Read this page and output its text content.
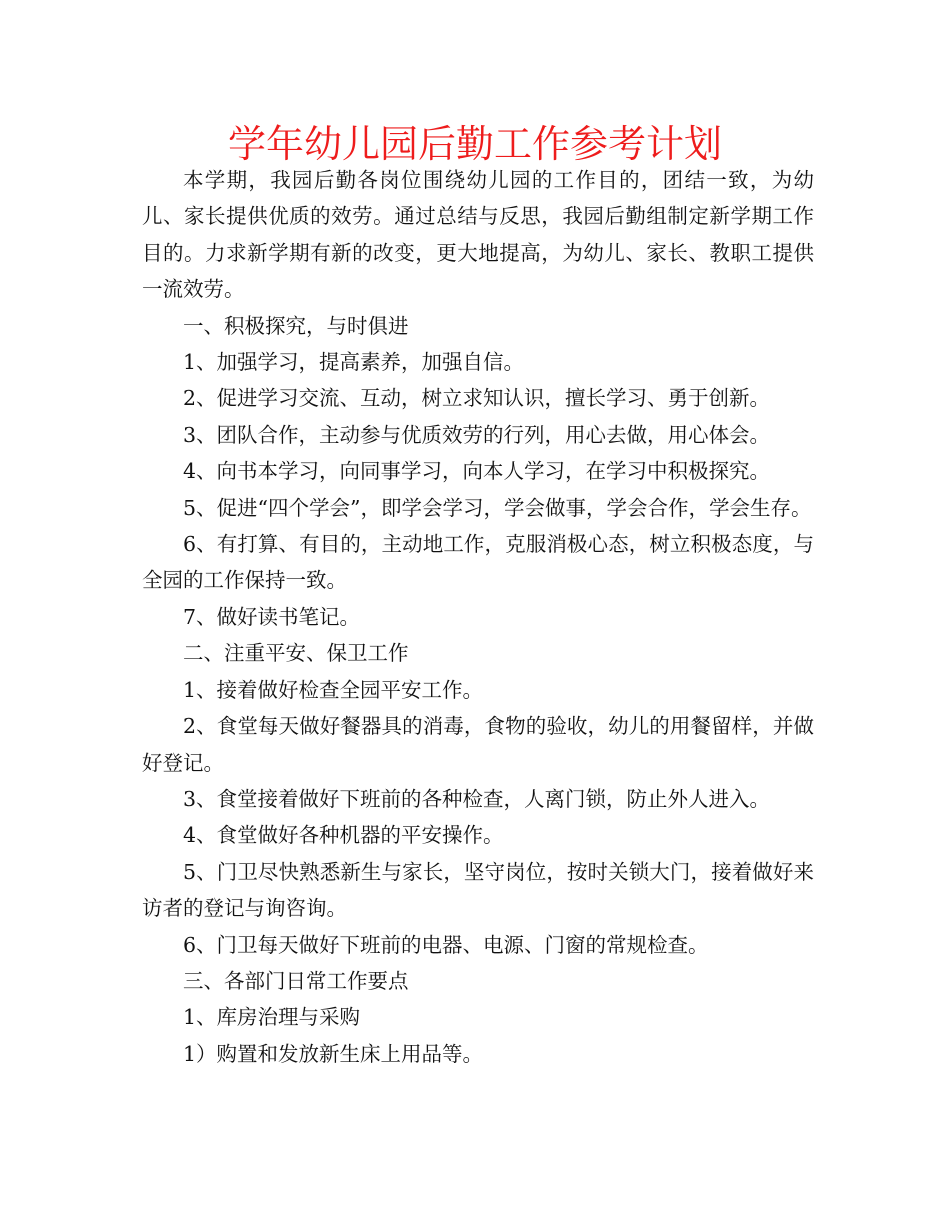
学年幼儿园后勤工作参考计划

本学期，我园后勤各岗位围绕幼儿园的工作目的，团结一致，为幼儿、家长提供优质的效劳。通过总结与反思，我园后勤组制定新学期工作目的。力求新学期有新的改变，更大地提高，为幼儿、家长、教职工提供一流效劳。

一、积极探究，与时俱进

1、加强学习，提高素养，加强自信。

2、促进学习交流、互动，树立求知认识，擅长学习、勇于创新。

3、团队合作，主动参与优质效劳的行列，用心去做，用心体会。

4、向书本学习，向同事学习，向本人学习，在学习中积极探究。

5、促进“四个学会”，即学会学习，学会做事，学会合作，学会生存。

6、有打算、有目的，主动地工作，克服消极心态，树立积极态度，与全园的工作保持一致。

7、做好读书笔记。

二、注重平安、保卫工作

1、接着做好检查全园平安工作。

2、食堂每天做好餐器具的消毒，食物的验收，幼儿的用餐留样，并做好登记。

3、食堂接着做好下班前的各种检查，人离门锁，防止外人进入。

4、食堂做好各种机器的平安操作。

5、门卫尽快熟悉新生与家长，坚守岗位，按时关锁大门，接着做好来访者的登记与询咨询。

6、门卫每天做好下班前的电器、电源、门窗的常规检查。

三、各部门日常工作要点

1、库房治理与采购

1）购置和发放新生床上用品等。
